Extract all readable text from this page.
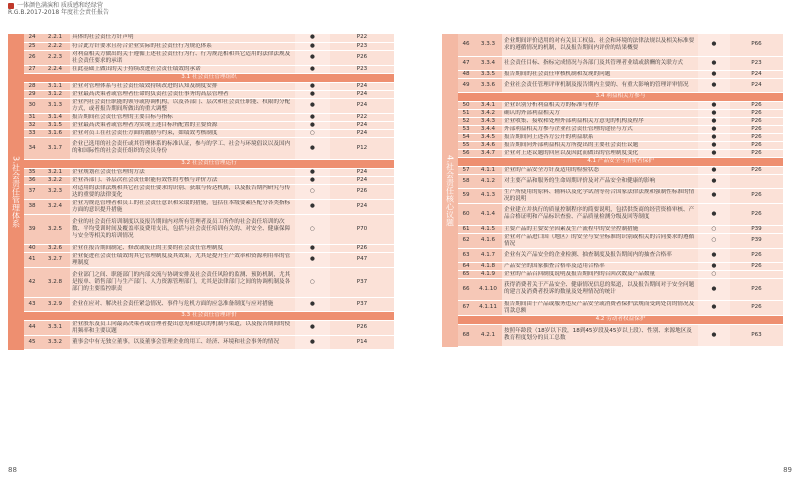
一体颜色满演和 质质感和经绿营
R.G.B.2017-2018 年度社会责任报告
3.社会责任管理体系
24	2.2.1	具体的社会责任方针声明	●	P22
25	2.2.2	符合此方针要求且符合企业实际的社会责任行为规范体系	●	P23
26	2.2.3	对利益相关方做出的关于遵循上述社会责任行为行、行为规范相和其它适用的法律法规及社会责任要求的承诺	●	P26
27	2.2.4	在此基础上做出的关于持续改进社会责任绩效的承诺	●	P23
3.1 社会责任管理组织				
28	3.1.1	企业对管理体系与社会责任绩效持续改进的认知及制度安排	●	P24
29	3.1.2	企业最高决策者或管理者任命的负责社会责任事务的高层管理者	●	P24
30	3.1.3	企业内社会责任职能的领导或协调机构，以及各部门、层次和社会责任职能、权限的分配方式，或者报告期间所做出的重大调整	●	P24
31	3.1.4	报告期间社会责任管理的主要目标与指标	●	P22
32	3.1.5	企业最高决策者或管理者为实现上述目标所配置的主要资源	●	P24
33	3.1.6	企业对员工在社会责任方面的激励与约束，如绩效考核制度	○	P24
34	3.1.7	企业已选用的社会责任或其管理体系的标准认证，参与的学工、社会与环境倡议以及国内的和国际性的社会责任组织的会员身份	●	P12
3.2 社会责任管理运行				
35	3.2.1	企业规划社会责任管理的方法	●	P24
36	3.2.2	企业各部门、各层次社会责任职能有效性的考核与评价方法	●	P24
37	3.2.3	对适用的法律法规和其它社会责任要求的识别、获取与传达机制，以及报告期内研究与传达的重要的法律变化	○	P26
38	3.2.4	企业为规范管理者和员工的社会责任意识和采取的措施，包括在本级要素匹配分各类指标方面的意识提升措施	●	P24
39	3.2.5	企业的社会责任培训制度以及报告期间内对所有管理者及员工所作的社会责任培训的次数、平均受训时间及覆盖率及费用支出，包括与社会责任培训有关的、对安全、健康保障与安全等相关的培训情况	○	P70
40	3.2.6	企业在报告期间制定、修改或废止的主要的社会责任管理制度	●	P26
41	3.2.7	企业促进社会责任绩效的其它管理制度及其效果，尤其是提升生产效率和资源利用率的管理制度	●	P47
42	3.2.8	企业部门之间、职能部门的内部交流与协调安排及社会责任风险的监测、预防机制，尤其是报单、销售部门与生产部门、人力资源管理部门，尤其是法律部门之间的协调机制及各部门的主要监控职责	○	P37
43	3.2.9	企业在应对、解决社会责任紧急情况、事件与危机方面的应急准备制度与应对措施	●	P37
3.3 社会责任管理评价				
44	3.3.1	企业股东及员工向最高决策者或管理者提出意见和建议的机制与渠道，以及报告期间的使用频率和主要议题	●	P26
45	3.3.2	董事会中有无独立董事，以及董事会管理企业的用工、经济、环境和社会事务的情况	●	P14
4.社会责任核心议题
46	3.3.3	企业期间评价适用的对有关员工权益、社会和环境的法律法规以及相关标准要求的遵循情况的机制，以及报告期间内评价的结果概要	●	P66
47	3.3.4	社会责任目标、指标完成情况与各部门及其管理者业绩或薪酬的关联方式	●	P23
48	3.3.5	报告期间的社会责任审核机制和发现的问题	●	P24
49	3.3.6	企业社会责任管理评审机制及报告期内主要的、有重大影响的管理评审情况	●	P24
3.4 利益相关方参与				
50	3.4.1	企业识别分析利益相关方的标准与程序	●	P26
51	3.4.2	确认的外部利益相关方	●	P26
52	3.4.3	企业收集、接收和处理外部利益相关方意见的机构及程序	●	P26
53	3.4.4	外部利益相关方参与企业社会责任管理的途径与方式	●	P26
54	3.4.5	报告期间向上述各方公开的利益联系	●	P26
55	3.4.6	报告期间向外部利益相关方所提出的主要社会责任议题	●	P26
56	3.4.7	企业对上述议题的回应以及因此而做出的管理制度变化	●	P26
4.1 产品安全与消费者保护				
57	4.1.1	企业的产品安全方针及适用的检验状态	●	P26
58	4.1.2	对主要产品和服务的生命周期评价及对产品安全和健康的影响	●	
59	4.1.3	生产所使用的原料、辅料以及化学试剂等符合国家法律法规和强制性标准的情况的说明	●	P26
60	4.1.4	企业建立并执行的质量控制程序的简要说明，包括供货商的经营资格审核、产品合格证明和产品标识查验、产品质量检测分级及回等制度	●	P26
61	4.1.5	主要产品的主要安全因素及生产流程中的安全控制措施	○	P39
62	4.1.6	企业对产品进口国（地区）的安全与安全标准的识别或相关的合同要求的遵循情况	○	P39
63	4.1.7	企业有关产品安全的企业检测、抽查制度及报告期间内的抽查合格率	●	P26
64	4.1.8	产品安全的国家抽查合格率及适用合格率	●	P26
65	4.1.9	企业的产品召回制度说明及报告期间内的召回次数及产品数量	○	
66	4.1.10	获得消费者关于产品安全、健康情况信息的渠道，以及报告期间对于安全问题的建言及消费者投诉的数量及处理情况的统计	●	P26
67	4.1.11	报告期间由于产品或服务违反产品安全或消费者保护法规而受到处罚的情况及罚款总额	●	P26
4.2 劳动者权益保护				
68	4.2.1	按照年龄段（18岁以下段，18到45岁段及45岁以上段）、性别、来源地区及教育程度划分的员工总数	●	P63
88	89
